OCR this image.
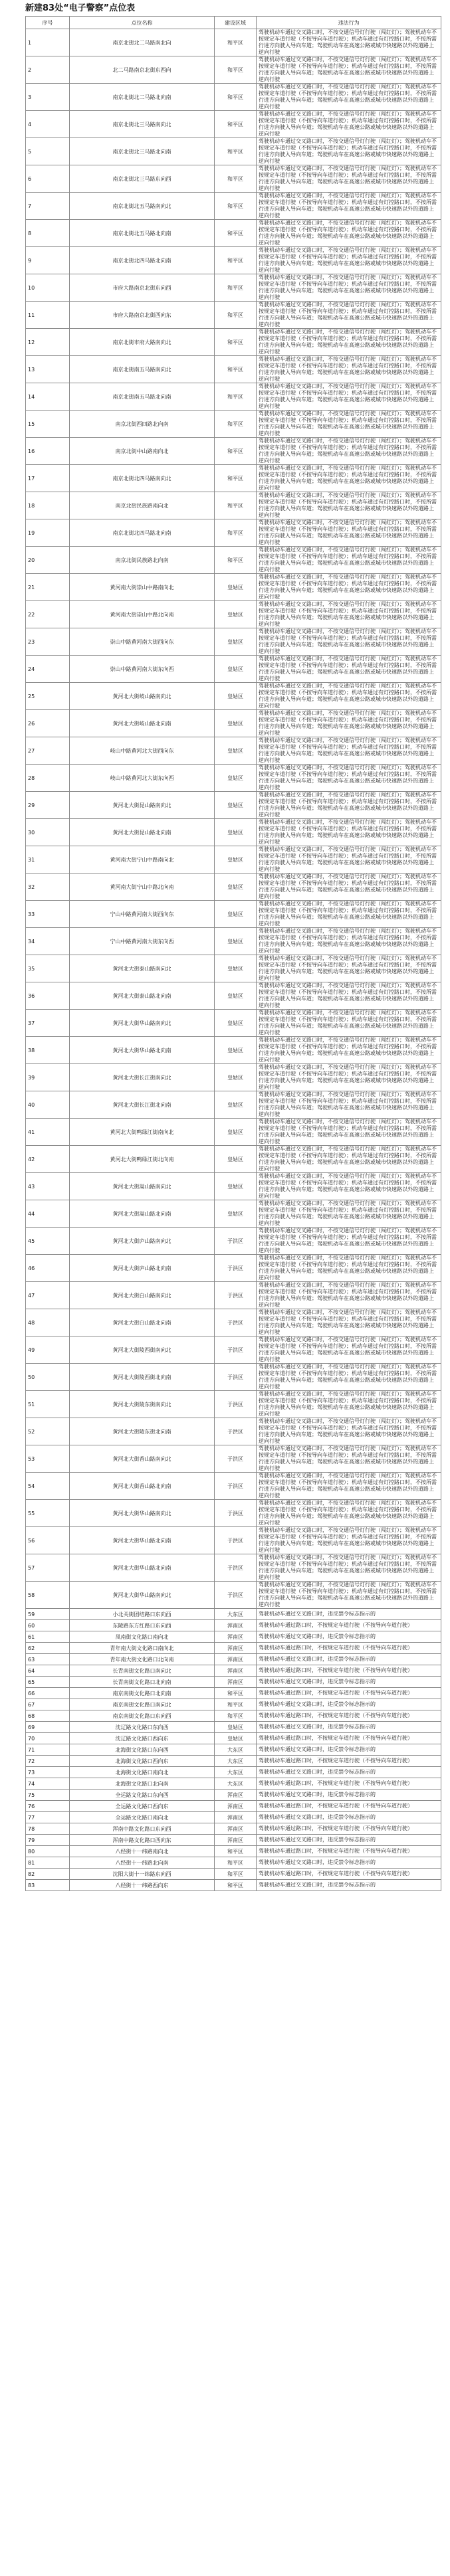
新建83处“电子警察”点位表
序号	点位名称	建设区域	违法行为
1	南京北街北二马路南北向	和平区	驾驶机动车通过交叉路口时，不按交通信号灯行驶（闯红灯）；驾驶机动车不按规定车道行驶（不按导向车道行驶）；机动车通过有灯控路口时，不按所需行进方向驶入导向车道；驾驶机动车在高速公路或城市快速路以外的道路上逆向行驶
2	北二马路南京北街东西向	和平区	驾驶机动车通过交叉路口时，不按交通信号灯行驶（闯红灯）；驾驶机动车不按规定车道行驶（不按导向车道行驶）；机动车通过有灯控路口时，不按所需行进方向驶入导向车道；驾驶机动车在高速公路或城市快速路以外的道路上逆向行驶
3	南京北街北二马路北向南	和平区	驾驶机动车通过交叉路口时，不按交通信号灯行驶（闯红灯）；驾驶机动车不按规定车道行驶（不按导向车道行驶）；机动车通过有灯控路口时，不按所需行进方向驶入导向车道；驾驶机动车在高速公路或城市快速路以外的道路上逆向行驶
4	南京北街北三马路南向北	和平区	驾驶机动车通过交叉路口时，不按交通信号灯行驶（闯红灯）；驾驶机动车不按规定车道行驶（不按导向车道行驶）；机动车通过有灯控路口时，不按所需行进方向驶入导向车道；驾驶机动车在高速公路或城市快速路以外的道路上逆向行驶
5	南京北街北三马路北向南	和平区	驾驶机动车通过交叉路口时，不按交通信号灯行驶（闯红灯）；驾驶机动车不按规定车道行驶（不按导向车道行驶）；机动车通过有灯控路口时，不按所需行进方向驶入导向车道；驾驶机动车在高速公路或城市快速路以外的道路上逆向行驶
6	南京北街北三马路东向西	和平区	驾驶机动车通过交叉路口时，不按交通信号灯行驶（闯红灯）；驾驶机动车不按规定车道行驶（不按导向车道行驶）；机动车通过有灯控路口时，不按所需行进方向驶入导向车道；驾驶机动车在高速公路或城市快速路以外的道路上逆向行驶
7	南京北街北五马路南向北	和平区	驾驶机动车通过交叉路口时，不按交通信号灯行驶（闯红灯）；驾驶机动车不按规定车道行驶（不按导向车道行驶）；机动车通过有灯控路口时，不按所需行进方向驶入导向车道；驾驶机动车在高速公路或城市快速路以外的道路上逆向行驶
8	南京北街北五马路北向南	和平区	驾驶机动车通过交叉路口时，不按交通信号灯行驶（闯红灯）；驾驶机动车不按规定车道行驶（不按导向车道行驶）；机动车通过有灯控路口时，不按所需行进方向驶入导向车道；驾驶机动车在高速公路或城市快速路以外的道路上逆向行驶
9	南京北街北四马路北向南	和平区	驾驶机动车通过交叉路口时，不按交通信号灯行驶（闯红灯）；驾驶机动车不按规定车道行驶（不按导向车道行驶）；机动车通过有灯控路口时，不按所需行进方向驶入导向车道；驾驶机动车在高速公路或城市快速路以外的道路上逆向行驶
10	市府大路南京北街东向西	和平区	驾驶机动车通过交叉路口时，不按交通信号灯行驶（闯红灯）；驾驶机动车不按规定车道行驶（不按导向车道行驶）；机动车通过有灯控路口时，不按所需行进方向驶入导向车道；驾驶机动车在高速公路或城市快速路以外的道路上逆向行驶
11	市府大路南京北街西向东	和平区	驾驶机动车通过交叉路口时，不按交通信号灯行驶（闯红灯）；驾驶机动车不按规定车道行驶（不按导向车道行驶）；机动车通过有灯控路口时，不按所需行进方向驶入导向车道；驾驶机动车在高速公路或城市快速路以外的道路上逆向行驶
12	南京北街市府大路南向北	和平区	驾驶机动车通过交叉路口时，不按交通信号灯行驶（闯红灯）；驾驶机动车不按规定车道行驶（不按导向车道行驶）；机动车通过有灯控路口时，不按所需行进方向驶入导向车道；驾驶机动车在高速公路或城市快速路以外的道路上逆向行驶
13	南京北街南五马路南向北	和平区	驾驶机动车通过交叉路口时，不按交通信号灯行驶（闯红灯）；驾驶机动车不按规定车道行驶（不按导向车道行驶）；机动车通过有灯控路口时，不按所需行进方向驶入导向车道；驾驶机动车在高速公路或城市快速路以外的道路上逆向行驶
14	南京北街南五马路北向南	和平区	驾驶机动车通过交叉路口时，不按交通信号灯行驶（闯红灯）；驾驶机动车不按规定车道行驶（不按导向车道行驶）；机动车通过有灯控路口时，不按所需行进方向驶入导向车道；驾驶机动车在高速公路或城市快速路以外的道路上逆向行驶
15	南京北街西四路北向南	和平区	驾驶机动车通过交叉路口时，不按交通信号灯行驶（闯红灯）；驾驶机动车不按规定车道行驶（不按导向车道行驶）；机动车通过有灯控路口时，不按所需行进方向驶入导向车道；驾驶机动车在高速公路或城市快速路以外的道路上逆向行驶
16	南京北街中山路南向北	和平区	驾驶机动车通过交叉路口时，不按交通信号灯行驶（闯红灯）；驾驶机动车不按规定车道行驶（不按导向车道行驶）；机动车通过有灯控路口时，不按所需行进方向驶入导向车道；驾驶机动车在高速公路或城市快速路以外的道路上逆向行驶
17	南京北街北四马路南向北	和平区	驾驶机动车通过交叉路口时，不按交通信号灯行驶（闯红灯）；驾驶机动车不按规定车道行驶（不按导向车道行驶）；机动车通过有灯控路口时，不按所需行进方向驶入导向车道；驾驶机动车在高速公路或城市快速路以外的道路上逆向行驶
18	南京北街民族路南向北	和平区	驾驶机动车通过交叉路口时，不按交通信号灯行驶（闯红灯）；驾驶机动车不按规定车道行驶（不按导向车道行驶）；机动车通过有灯控路口时，不按所需行进方向驶入导向车道；驾驶机动车在高速公路或城市快速路以外的道路上逆向行驶
19	南京北街北四马路北向南	和平区	驾驶机动车通过交叉路口时，不按交通信号灯行驶（闯红灯）；驾驶机动车不按规定车道行驶（不按导向车道行驶）；机动车通过有灯控路口时，不按所需行进方向驶入导向车道；驾驶机动车在高速公路或城市快速路以外的道路上逆向行驶
20	南京北街民族路北向南	和平区	驾驶机动车通过交叉路口时，不按交通信号灯行驶（闯红灯）；驾驶机动车不按规定车道行驶（不按导向车道行驶）；机动车通过有灯控路口时，不按所需行进方向驶入导向车道；驾驶机动车在高速公路或城市快速路以外的道路上逆向行驶
21	黄河南大街崇山中路南向北	皇姑区	驾驶机动车通过交叉路口时，不按交通信号灯行驶（闯红灯）；驾驶机动车不按规定车道行驶（不按导向车道行驶）；机动车通过有灯控路口时，不按所需行进方向驶入导向车道；驾驶机动车在高速公路或城市快速路以外的道路上逆向行驶
22	黄河南大街崇山中路北向南	皇姑区	驾驶机动车通过交叉路口时，不按交通信号灯行驶（闯红灯）；驾驶机动车不按规定车道行驶（不按导向车道行驶）；机动车通过有灯控路口时，不按所需行进方向驶入导向车道；驾驶机动车在高速公路或城市快速路以外的道路上逆向行驶
23	崇山中路黄河南大街西向东	皇姑区	驾驶机动车通过交叉路口时，不按交通信号灯行驶（闯红灯）；驾驶机动车不按规定车道行驶（不按导向车道行驶）；机动车通过有灯控路口时，不按所需行进方向驶入导向车道；驾驶机动车在高速公路或城市快速路以外的道路上逆向行驶
24	崇山中路黄河南大街东向西	皇姑区	驾驶机动车通过交叉路口时，不按交通信号灯行驶（闯红灯）；驾驶机动车不按规定车道行驶（不按导向车道行驶）；机动车通过有灯控路口时，不按所需行进方向驶入导向车道；驾驶机动车在高速公路或城市快速路以外的道路上逆向行驶
25	黄河北大街岐山路南向北	皇姑区	驾驶机动车通过交叉路口时，不按交通信号灯行驶（闯红灯）；驾驶机动车不按规定车道行驶（不按导向车道行驶）；机动车通过有灯控路口时，不按所需行进方向驶入导向车道；驾驶机动车在高速公路或城市快速路以外的道路上逆向行驶
26	黄河北大街岐山路北向南	皇姑区	驾驶机动车通过交叉路口时，不按交通信号灯行驶（闯红灯）；驾驶机动车不按规定车道行驶（不按导向车道行驶）；机动车通过有灯控路口时，不按所需行进方向驶入导向车道；驾驶机动车在高速公路或城市快速路以外的道路上逆向行驶
27	岐山中路黄河北大街西向东	皇姑区	驾驶机动车通过交叉路口时，不按交通信号灯行驶（闯红灯）；驾驶机动车不按规定车道行驶（不按导向车道行驶）；机动车通过有灯控路口时，不按所需行进方向驶入导向车道；驾驶机动车在高速公路或城市快速路以外的道路上逆向行驶
28	岐山中路黄河北大街东向西	皇姑区	驾驶机动车通过交叉路口时，不按交通信号灯行驶（闯红灯）；驾驶机动车不按规定车道行驶（不按导向车道行驶）；机动车通过有灯控路口时，不按所需行进方向驶入导向车道；驾驶机动车在高速公路或城市快速路以外的道路上逆向行驶
29	黄河北大街昆山路南向北	皇姑区	驾驶机动车通过交叉路口时，不按交通信号灯行驶（闯红灯）；驾驶机动车不按规定车道行驶（不按导向车道行驶）；机动车通过有灯控路口时，不按所需行进方向驶入导向车道；驾驶机动车在高速公路或城市快速路以外的道路上逆向行驶
30	黄河北大街昆山路北向南	皇姑区	驾驶机动车通过交叉路口时，不按交通信号灯行驶（闯红灯）；驾驶机动车不按规定车道行驶（不按导向车道行驶）；机动车通过有灯控路口时，不按所需行进方向驶入导向车道；驾驶机动车在高速公路或城市快速路以外的道路上逆向行驶
31	黄河南大街宁山中路南向北	皇姑区	驾驶机动车通过交叉路口时，不按交通信号灯行驶（闯红灯）；驾驶机动车不按规定车道行驶（不按导向车道行驶）；机动车通过有灯控路口时，不按所需行进方向驶入导向车道；驾驶机动车在高速公路或城市快速路以外的道路上逆向行驶
32	黄河南大街宁山中路北向南	皇姑区	驾驶机动车通过交叉路口时，不按交通信号灯行驶（闯红灯）；驾驶机动车不按规定车道行驶（不按导向车道行驶）；机动车通过有灯控路口时，不按所需行进方向驶入导向车道；驾驶机动车在高速公路或城市快速路以外的道路上逆向行驶
33	宁山中路黄河南大街西向东	皇姑区	驾驶机动车通过交叉路口时，不按交通信号灯行驶（闯红灯）；驾驶机动车不按规定车道行驶（不按导向车道行驶）；机动车通过有灯控路口时，不按所需行进方向驶入导向车道；驾驶机动车在高速公路或城市快速路以外的道路上逆向行驶
34	宁山中路黄河南大街东向西	皇姑区	驾驶机动车通过交叉路口时，不按交通信号灯行驶（闯红灯）；驾驶机动车不按规定车道行驶（不按导向车道行驶）；机动车通过有灯控路口时，不按所需行进方向驶入导向车道；驾驶机动车在高速公路或城市快速路以外的道路上逆向行驶
35	黄河北大街泰山路南向北	皇姑区	驾驶机动车通过交叉路口时，不按交通信号灯行驶（闯红灯）；驾驶机动车不按规定车道行驶（不按导向车道行驶）；机动车通过有灯控路口时，不按所需行进方向驶入导向车道；驾驶机动车在高速公路或城市快速路以外的道路上逆向行驶
36	黄河北大街泰山路北向南	皇姑区	驾驶机动车通过交叉路口时，不按交通信号灯行驶（闯红灯）；驾驶机动车不按规定车道行驶（不按导向车道行驶）；机动车通过有灯控路口时，不按所需行进方向驶入导向车道；驾驶机动车在高速公路或城市快速路以外的道路上逆向行驶
37	黄河北大街华山路南向北	皇姑区	驾驶机动车通过交叉路口时，不按交通信号灯行驶（闯红灯）；驾驶机动车不按规定车道行驶（不按导向车道行驶）；机动车通过有灯控路口时，不按所需行进方向驶入导向车道；驾驶机动车在高速公路或城市快速路以外的道路上逆向行驶
38	黄河北大街华山路北向南	皇姑区	驾驶机动车通过交叉路口时，不按交通信号灯行驶（闯红灯）；驾驶机动车不按规定车道行驶（不按导向车道行驶）；机动车通过有灯控路口时，不按所需行进方向驶入导向车道；驾驶机动车在高速公路或城市快速路以外的道路上逆向行驶
39	黄河北大街长江街南向北	皇姑区	驾驶机动车通过交叉路口时，不按交通信号灯行驶（闯红灯）；驾驶机动车不按规定车道行驶（不按导向车道行驶）；机动车通过有灯控路口时，不按所需行进方向驶入导向车道；驾驶机动车在高速公路或城市快速路以外的道路上逆向行驶
40	黄河北大街长江街北向南	皇姑区	驾驶机动车通过交叉路口时，不按交通信号灯行驶（闯红灯）；驾驶机动车不按规定车道行驶（不按导向车道行驶）；机动车通过有灯控路口时，不按所需行进方向驶入导向车道；驾驶机动车在高速公路或城市快速路以外的道路上逆向行驶
41	黄河北大街鸭绿江街南向北	皇姑区	驾驶机动车通过交叉路口时，不按交通信号灯行驶（闯红灯）；驾驶机动车不按规定车道行驶（不按导向车道行驶）；机动车通过有灯控路口时，不按所需行进方向驶入导向车道；驾驶机动车在高速公路或城市快速路以外的道路上逆向行驶
42	黄河北大街鸭绿江街北向南	皇姑区	驾驶机动车通过交叉路口时，不按交通信号灯行驶（闯红灯）；驾驶机动车不按规定车道行驶（不按导向车道行驶）；机动车通过有灯控路口时，不按所需行进方向驶入导向车道；驾驶机动车在高速公路或城市快速路以外的道路上逆向行驶
43	黄河北大街嵩山路南向北	皇姑区	驾驶机动车通过交叉路口时，不按交通信号灯行驶（闯红灯）；驾驶机动车不按规定车道行驶（不按导向车道行驶）；机动车通过有灯控路口时，不按所需行进方向驶入导向车道；驾驶机动车在高速公路或城市快速路以外的道路上逆向行驶
44	黄河北大街嵩山路北向南	皇姑区	驾驶机动车通过交叉路口时，不按交通信号灯行驶（闯红灯）；驾驶机动车不按规定车道行驶（不按导向车道行驶）；机动车通过有灯控路口时，不按所需行进方向驶入导向车道；驾驶机动车在高速公路或城市快速路以外的道路上逆向行驶
45	黄河北大街庐山路南向北	于洪区	驾驶机动车通过交叉路口时，不按交通信号灯行驶（闯红灯）；驾驶机动车不按规定车道行驶（不按导向车道行驶）；机动车通过有灯控路口时，不按所需行进方向驶入导向车道；驾驶机动车在高速公路或城市快速路以外的道路上逆向行驶
46	黄河北大街庐山路北向南	于洪区	驾驶机动车通过交叉路口时，不按交通信号灯行驶（闯红灯）；驾驶机动车不按规定车道行驶（不按导向车道行驶）；机动车通过有灯控路口时，不按所需行进方向驶入导向车道；驾驶机动车在高速公路或城市快速路以外的道路上逆向行驶
47	黄河北大街白山路南向北	于洪区	驾驶机动车通过交叉路口时，不按交通信号灯行驶（闯红灯）；驾驶机动车不按规定车道行驶（不按导向车道行驶）；机动车通过有灯控路口时，不按所需行进方向驶入导向车道；驾驶机动车在高速公路或城市快速路以外的道路上逆向行驶
48	黄河北大街白山路北向南	于洪区	驾驶机动车通过交叉路口时，不按交通信号灯行驶（闯红灯）；驾驶机动车不按规定车道行驶（不按导向车道行驶）；机动车通过有灯控路口时，不按所需行进方向驶入导向车道；驾驶机动车在高速公路或城市快速路以外的道路上逆向行驶
49	黄河北大街陵西街南向北	于洪区	驾驶机动车通过交叉路口时，不按交通信号灯行驶（闯红灯）；驾驶机动车不按规定车道行驶（不按导向车道行驶）；机动车通过有灯控路口时，不按所需行进方向驶入导向车道；驾驶机动车在高速公路或城市快速路以外的道路上逆向行驶
50	黄河北大街陵西街北向南	于洪区	驾驶机动车通过交叉路口时，不按交通信号灯行驶（闯红灯）；驾驶机动车不按规定车道行驶（不按导向车道行驶）；机动车通过有灯控路口时，不按所需行进方向驶入导向车道；驾驶机动车在高速公路或城市快速路以外的道路上逆向行驶
51	黄河北大街陵东街南向北	于洪区	驾驶机动车通过交叉路口时，不按交通信号灯行驶（闯红灯）；驾驶机动车不按规定车道行驶（不按导向车道行驶）；机动车通过有灯控路口时，不按所需行进方向驶入导向车道；驾驶机动车在高速公路或城市快速路以外的道路上逆向行驶
52	黄河北大街陵东街北向南	于洪区	驾驶机动车通过交叉路口时，不按交通信号灯行驶（闯红灯）；驾驶机动车不按规定车道行驶（不按导向车道行驶）；机动车通过有灯控路口时，不按所需行进方向驶入导向车道；驾驶机动车在高速公路或城市快速路以外的道路上逆向行驶
53	黄河北大街香山路南向北	于洪区	驾驶机动车通过交叉路口时，不按交通信号灯行驶（闯红灯）；驾驶机动车不按规定车道行驶（不按导向车道行驶）；机动车通过有灯控路口时，不按所需行进方向驶入导向车道；驾驶机动车在高速公路或城市快速路以外的道路上逆向行驶
54	黄河北大街香山路北向南	于洪区	驾驶机动车通过交叉路口时，不按交通信号灯行驶（闯红灯）；驾驶机动车不按规定车道行驶（不按导向车道行驶）；机动车通过有灯控路口时，不按所需行进方向驶入导向车道；驾驶机动车在高速公路或城市快速路以外的道路上逆向行驶
55	黄河北大街华山路南向北	于洪区	驾驶机动车通过交叉路口时，不按交通信号灯行驶（闯红灯）；驾驶机动车不按规定车道行驶（不按导向车道行驶）；机动车通过有灯控路口时，不按所需行进方向驶入导向车道；驾驶机动车在高速公路或城市快速路以外的道路上逆向行驶
56	黄河北大街华山路北向南	于洪区	驾驶机动车通过交叉路口时，不按交通信号灯行驶（闯红灯）；驾驶机动车不按规定车道行驶（不按导向车道行驶）；机动车通过有灯控路口时，不按所需行进方向驶入导向车道；驾驶机动车在高速公路或城市快速路以外的道路上逆向行驶
57	黄河北大街华山路北向南	于洪区	驾驶机动车通过交叉路口时，不按交通信号灯行驶（闯红灯）；驾驶机动车不按规定车道行驶（不按导向车道行驶）；机动车通过有灯控路口时，不按所需行进方向驶入导向车道；驾驶机动车在高速公路或城市快速路以外的道路上逆向行驶
58	黄河北大街华山路南向北	于洪区	驾驶机动车通过交叉路口时，不按交通信号灯行驶（闯红灯）；驾驶机动车不按规定车道行驶（不按导向车道行驶）；机动车通过有灯控路口时，不按所需行进方向驶入导向车道；驾驶机动车在高速公路或城市快速路以外的道路上逆向行驶
59	小北关街团结路口东向西	大东区	驾驶机动车通过交叉路口时，违反禁令标志指示的
60	东陵路东方红路口东向西	浑南区	驾驶机动车通过路口时，不按规定车道行驶（不按导向车道行驶）
61	凤南街文化路口南向北	浑南区	驾驶机动车通过交叉路口时，违反禁令标志指示的
62	青年南大街文化路口南向北	浑南区	驾驶机动车通过路口时，不按规定车道行驶（不按导向车道行驶）
63	青年南大街文化路口北向南	浑南区	驾驶机动车通过交叉路口时，违反禁令标志指示的
64	长青南街文化路口南向北	浑南区	驾驶机动车通过路口时，不按规定车道行驶（不按导向车道行驶）
65	长青南街文化路口北向南	浑南区	驾驶机动车通过交叉路口时，违反禁令标志指示的
66	南京南街文化路口北向南	和平区	驾驶机动车通过路口时，不按规定车道行驶（不按导向车道行驶）
67	南京南街文化路口南向北	和平区	驾驶机动车通过交叉路口时，违反禁令标志指示的
68	南京南街文化路口东向西	和平区	驾驶机动车通过路口时，不按规定车道行驶（不按导向车道行驶）
69	沈辽路文化路口东向西	皇姑区	驾驶机动车通过交叉路口时，违反禁令标志指示的
70	沈辽路文化路口西向东	皇姑区	驾驶机动车通过路口时，不按规定车道行驶（不按导向车道行驶）
71	北海街文化路口东向西	大东区	驾驶机动车通过交叉路口时，违反禁令标志指示的
72	北海街文化路口西向东	大东区	驾驶机动车通过路口时，不按规定车道行驶（不按导向车道行驶）
73	北海街文化路口南向北	大东区	驾驶机动车通过交叉路口时，违反禁令标志指示的
74	北海街文化路口北向南	大东区	驾驶机动车通过路口时，不按规定车道行驶（不按导向车道行驶）
75	全运路文化路口东向西	浑南区	驾驶机动车通过交叉路口时，违反禁令标志指示的
76	全运路文化路口西向东	浑南区	驾驶机动车通过路口时，不按规定车道行驶（不按导向车道行驶）
77	全运路文化路口南向北	浑南区	驾驶机动车通过交叉路口时，违反禁令标志指示的
78	浑南中路文化路口东向西	浑南区	驾驶机动车通过路口时，不按规定车道行驶（不按导向车道行驶）
79	浑南中路文化路口西向东	浑南区	驾驶机动车通过交叉路口时，违反禁令标志指示的
80	八经街十一纬路南向北	和平区	驾驶机动车通过路口时，不按规定车道行驶（不按导向车道行驶）
81	八经街十一纬路北向南	和平区	驾驶机动车通过交叉路口时，违反禁令标志指示的
82	沈阳大街十一纬路东向西	和平区	驾驶机动车通过路口时，不按规定车道行驶（不按导向车道行驶）
83	八经街十一纬路西向东	和平区	驾驶机动车通过交叉路口时，违反禁令标志指示的
